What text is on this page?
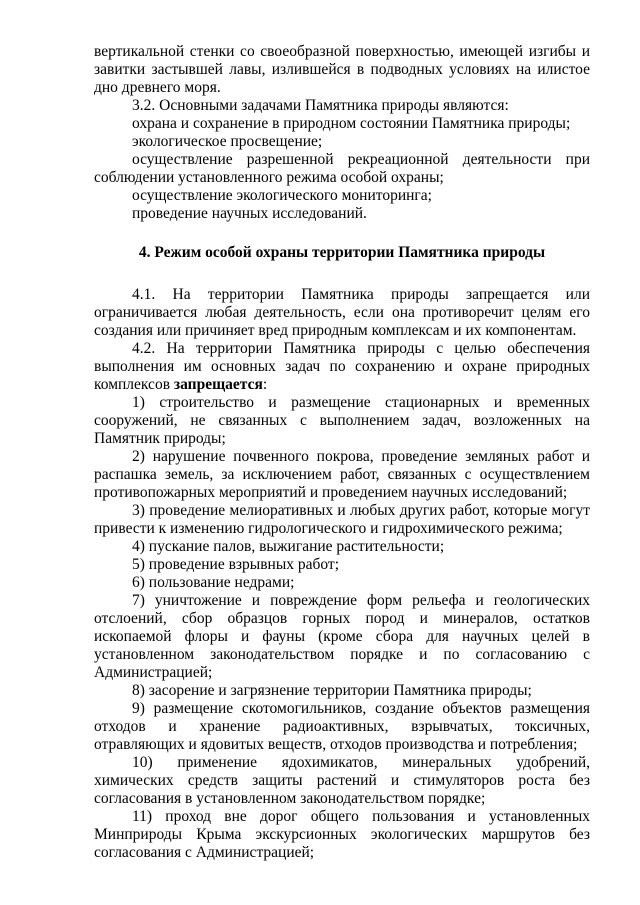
вертикальной стенки со своеобразной поверхностью, имеющей изгибы и завитки застывшей лавы, излившейся в подводных условиях на илистое дно древнего моря.

3.2. Основными задачами Памятника природы являются:

охрана и сохранение в природном состоянии Памятника природы;

экологическое просвещение;

осуществление разрешенной рекреационной деятельности при соблюдении установленного режима особой охраны;

осуществление экологического мониторинга;

проведение научных исследований.

4. Режим особой охраны территории Памятника природы

4.1. На территории Памятника природы запрещается или ограничивается любая деятельность, если она противоречит целям его создания или причиняет вред природным комплексам и их компонентам.

4.2. На территории Памятника природы с целью обеспечения выполнения им основных задач по сохранению и охране природных комплексов запрещается:

1) строительство и размещение стационарных и временных сооружений, не связанных с выполнением задач, возложенных на Памятник природы;

2) нарушение почвенного покрова, проведение земляных работ и распашка земель, за исключением работ, связанных с осуществлением противопожарных мероприятий и проведением научных исследований;

3) проведение мелиоративных и любых других работ, которые могут привести к изменению гидрологического и гидрохимического режима;

4) пускание палов, выжигание растительности;

5) проведение взрывных работ;

6) пользование недрами;

7) уничтожение и повреждение форм рельефа и геологических отслоений, сбор образцов горных пород и минералов, остатков ископаемой флоры и фауны (кроме сбора для научных целей в установленном законодательством порядке и по согласованию с Администрацией;

8) засорение и загрязнение территории Памятника природы;

9) размещение скотомогильников, создание объектов размещения отходов и хранение радиоактивных, взрывчатых, токсичных, отравляющих и ядовитых веществ, отходов производства и потребления;

10) применение ядохимикатов, минеральных удобрений, химических средств защиты растений и стимуляторов роста без согласования в установленном законодательством порядке;

11) проход вне дорог общего пользования и установленных Минприроды Крыма экскурсионных экологических маршрутов без согласования с Администрацией;
